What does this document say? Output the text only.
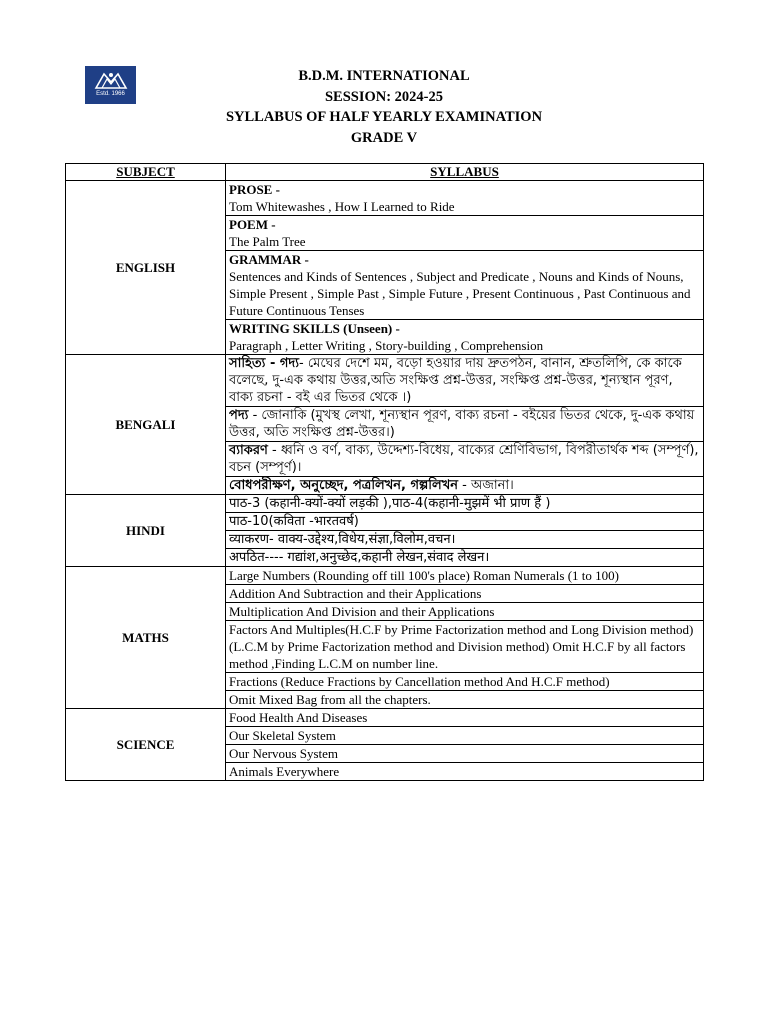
Estd. 1966
B.D.M. INTERNATIONAL
SESSION: 2024-25
SYLLABUS OF HALF YEARLY EXAMINATION
GRADE V
SUBJECT	SYLLABUS
ENGLISH	PROSE -
Tom Whitewashes , How I Learned to Ride

	POEM -
The Palm Tree

	GRAMMAR -
Sentences and Kinds of Sentences , Subject and Predicate , Nouns and Kinds of Nouns, Simple Present , Simple Past , Simple Future , Present Continuous , Past Continuous and Future Continuous Tenses

	WRITING SKILLS (Unseen) -
Paragraph , Letter Writing , Story-building , Comprehension

BENGALI	সাহিত্য - গদ্য- মেঘের দেশে মম, বড়ো হওয়ার দায় দ্রুতপঠন, বানান, শ্রুতলিপি, কে কাকে বলেছে, দু-এক কথায় উত্তর,অতি সংক্ষিপ্ত প্রশ্ন-উত্তর, সংক্ষিপ্ত প্রশ্ন-উত্তর, শূন্যস্থান পূরণ, বাক্য রচনা - বই এর ভিতর থেকে ।)
	পদ্য - জোনাকি (মুখস্থ লেখা, শূন্যস্থান পূরণ, বাক্য রচনা - বইয়ের ভিতর থেকে, দু-এক কথায় উত্তর, অতি সংক্ষিপ্ত প্রশ্ন-উত্তর।)
	ব্যাকরণ - ধ্বনি ও বর্ণ, বাক্য, উদ্দেশ্য-বিধেয়, বাক্যের শ্রেণিবিভাগ, বিপরীতার্থক শব্দ (সম্পূর্ণ), বচন (সম্পূর্ণ)।
	বোধপরীক্ষণ, অনুচ্ছেদ, পত্রলিখন, গল্পলিখন - অজানা।
HINDI	पाठ-3 (कहानी-क्यों-क्यों लड़की ),पाठ-4(कहानी-मुझमें भी प्राण हैं )
	पाठ-10(कविता -भारतवर्ष)
	व्याकरण- वाक्य-उद्देश्य,विधेय,संज्ञा,विलोम,वचन।
	अपठित---- गद्यांश,अनुच्छेद,कहानी लेखन,संवाद लेखन।
MATHS	Large Numbers (Rounding off till 100's place) Roman Numerals (1 to 100)
	Addition And Subtraction and their Applications
	Multiplication And Division and their Applications
	Factors And Multiples(H.C.F by Prime Factorization method and Long Division method)(L.C.M by Prime Factorization method and Division method) Omit H.C.F by all factors method ,Finding L.C.M on number line.
	Fractions (Reduce Fractions by Cancellation method And H.C.F method)
	Omit Mixed Bag from all the chapters.
SCIENCE	Food Health And Diseases
	Our Skeletal System
	Our Nervous System
	Animals Everywhere
